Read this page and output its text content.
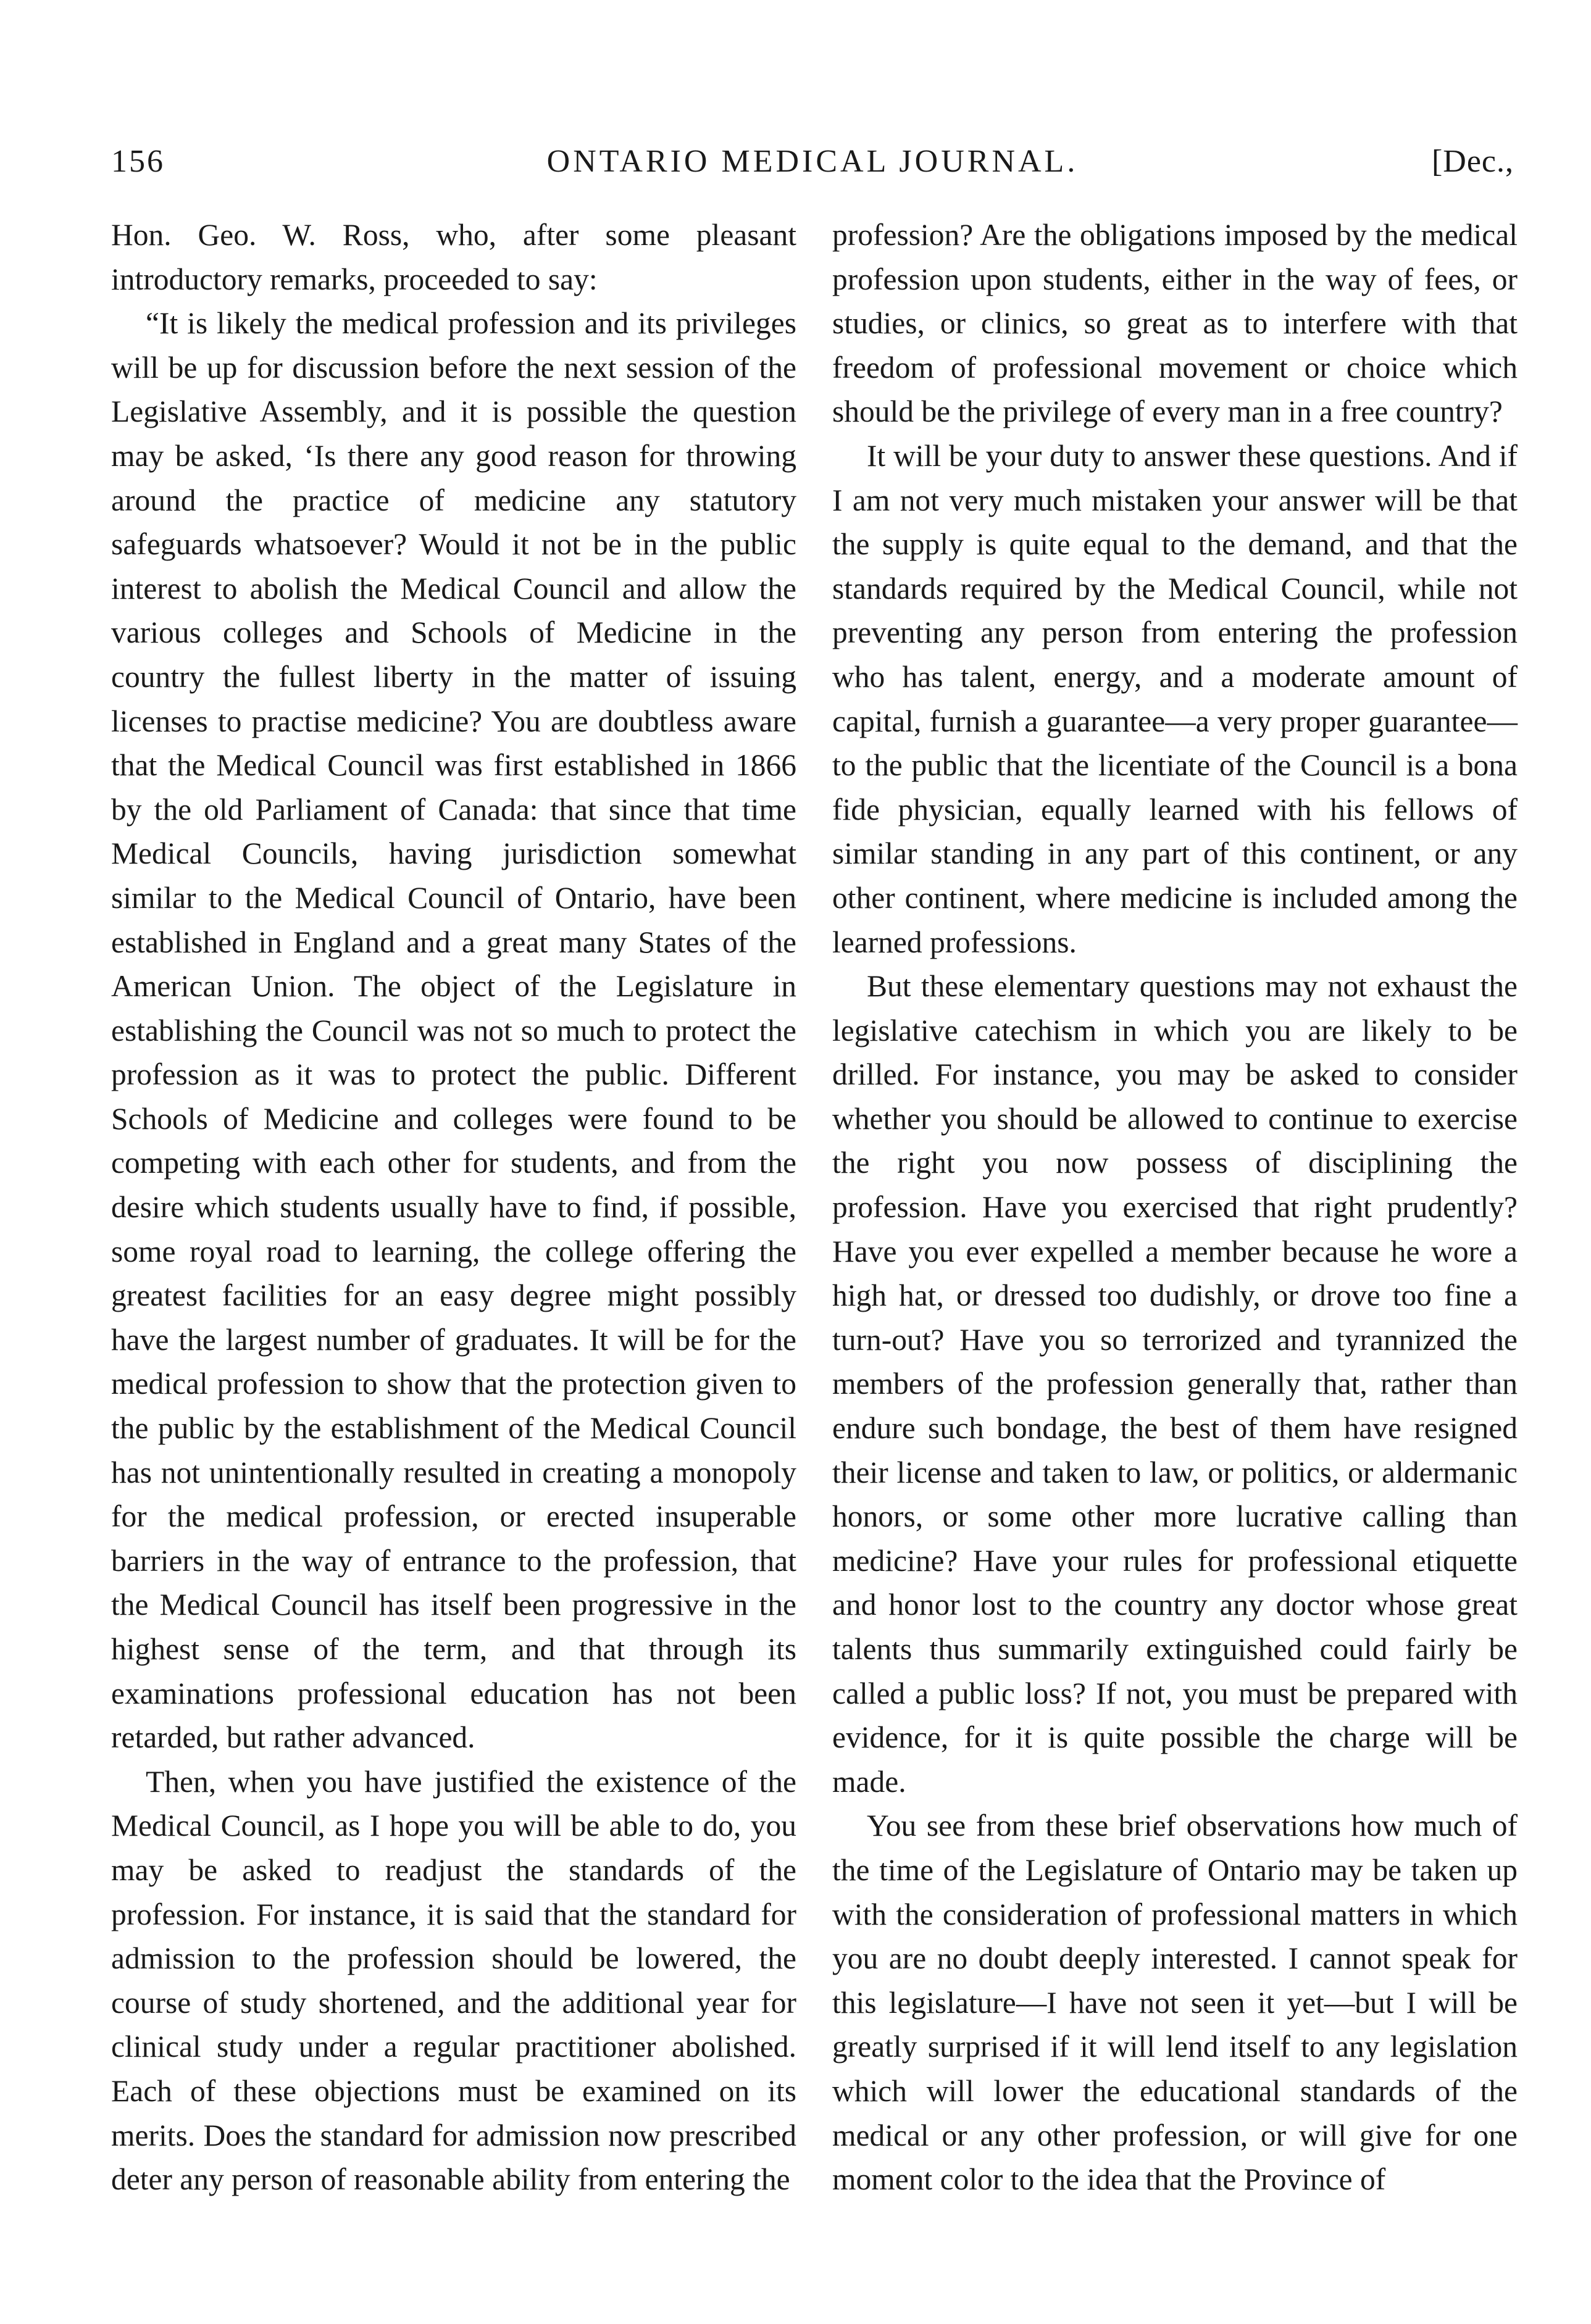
156	ONTARIO MEDICAL JOURNAL.	[Dec.,

Hon. Geo. W. Ross, who, after some pleasant introductory remarks, proceeded to say:

“It is likely the medical profession and its privileges will be up for discussion before the next session of the Legislative Assembly, and it is possible the question may be asked, ‘Is there any good reason for throwing around the practice of medicine any statutory safeguards whatsoever? Would it not be in the public interest to abolish the Medical Council and allow the various colleges and Schools of Medicine in the country the fullest liberty in the matter of issuing licenses to practise medicine? You are doubtless aware that the Medical Council was first established in 1866 by the old Parliament of Canada: that since that time Medical Councils, having jurisdiction somewhat similar to the Medical Council of Ontario, have been established in England and a great many States of the American Union. The object of the Legislature in establishing the Council was not so much to protect the profession as it was to protect the public. Different Schools of Medicine and colleges were found to be competing with each other for students, and from the desire which students usually have to find, if possible, some royal road to learning, the college offering the greatest facilities for an easy degree might possibly have the largest number of graduates. It will be for the medical profession to show that the protection given to the public by the establishment of the Medical Council has not unintentionally resulted in creating a monopoly for the medical profession, or erected insuperable barriers in the way of entrance to the profession, that the Medical Council has itself been progressive in the highest sense of the term, and that through its examinations professional education has not been retarded, but rather advanced.

Then, when you have justified the existence of the Medical Council, as I hope you will be able to do, you may be asked to readjust the standards of the profession. For instance, it is said that the standard for admission to the profession should be lowered, the course of study shortened, and the additional year for clinical study under a regular practitioner abolished. Each of these objections must be examined on its merits. Does the standard for admission now prescribed deter any person of reasonable ability from entering the

profession? Are the obligations imposed by the medical profession upon students, either in the way of fees, or studies, or clinics, so great as to interfere with that freedom of professional movement or choice which should be the privilege of every man in a free country?

It will be your duty to answer these questions. And if I am not very much mistaken your answer will be that the supply is quite equal to the demand, and that the standards required by the Medical Council, while not preventing any person from entering the profession who has talent, energy, and a moderate amount of capital, furnish a guarantee—a very proper guarantee—to the public that the licentiate of the Council is a bona fide physician, equally learned with his fellows of similar standing in any part of this continent, or any other continent, where medicine is included among the learned professions.

But these elementary questions may not exhaust the legislative catechism in which you are likely to be drilled. For instance, you may be asked to consider whether you should be allowed to continue to exercise the right you now possess of disciplining the profession. Have you exercised that right prudently? Have you ever expelled a member because he wore a high hat, or dressed too dudishly, or drove too fine a turn-out? Have you so terrorized and tyrannized the members of the profession generally that, rather than endure such bondage, the best of them have resigned their license and taken to law, or politics, or aldermanic honors, or some other more lucrative calling than medicine? Have your rules for professional etiquette and honor lost to the country any doctor whose great talents thus summarily extinguished could fairly be called a public loss? If not, you must be prepared with evidence, for it is quite possible the charge will be made.

You see from these brief observations how much of the time of the Legislature of Ontario may be taken up with the consideration of professional matters in which you are no doubt deeply interested. I cannot speak for this legislature—I have not seen it yet—but I will be greatly surprised if it will lend itself to any legislation which will lower the educational standards of the medical or any other profession, or will give for one moment color to the idea that the Province of
